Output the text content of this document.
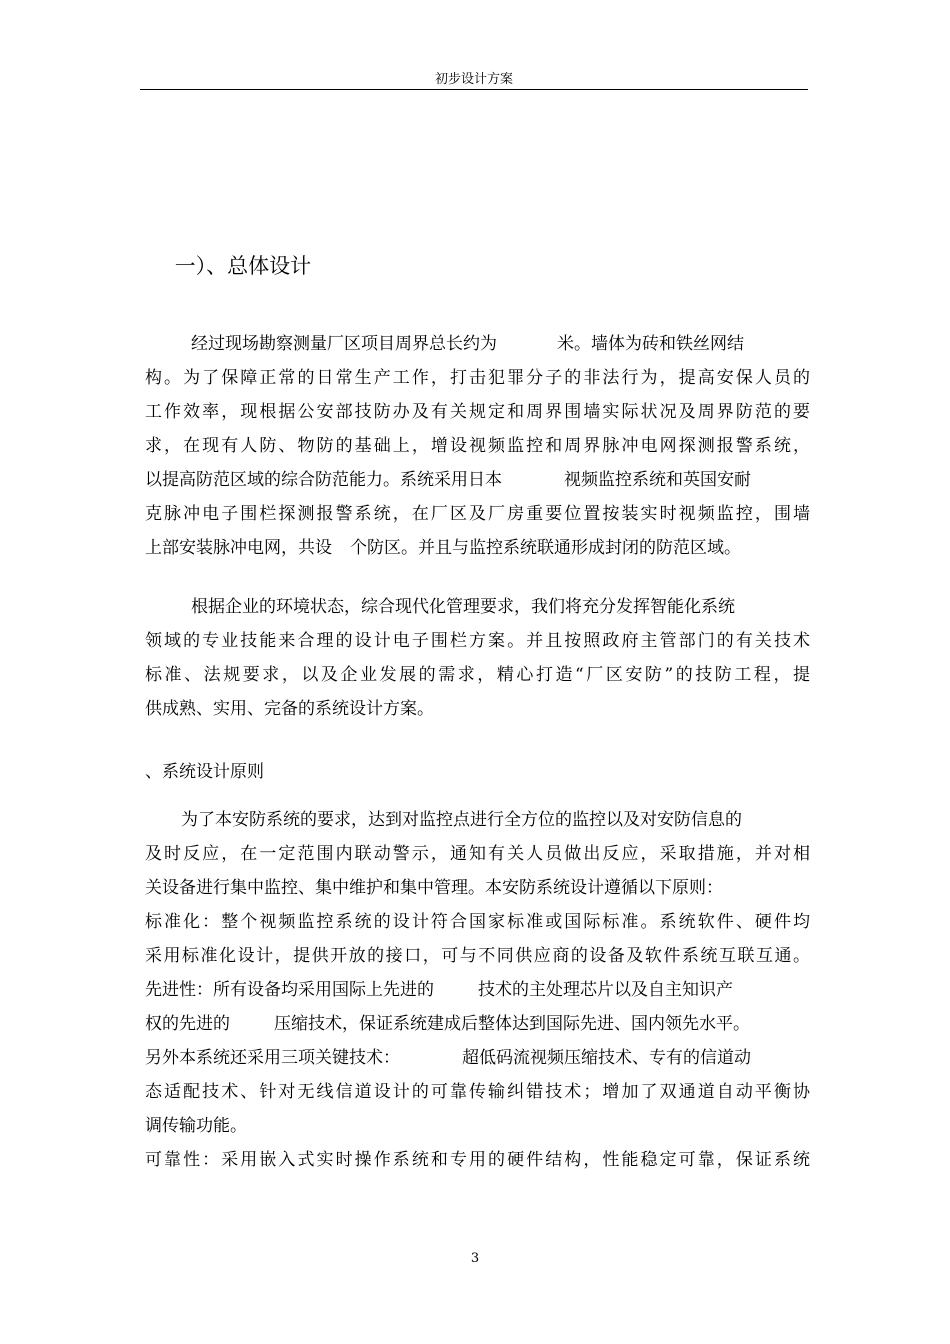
初步设计方案
一）、总体设计
经过现场勘察测量厂区项目周界总长约为	米。墙体为砖和铁丝网结
构。为了保障正常的日常生产工作，打击犯罪分子的非法行为，提高安保人员的
工作效率，现根据公安部技防办及有关规定和周界围墙实际状况及周界防范的要
求，在现有人防、物防的基础上，增设视频监控和周界脉冲电网探测报警系统，
以提高防范区域的综合防范能力。系统采用日本	视频监控系统和英国安耐
克脉冲电子围栏探测报警系统，在厂区及厂房重要位置按装实时视频监控，围墙
上部安装脉冲电网，共设 个防区。并且与监控系统联通形成封闭的防范区域。
根据企业的环境状态，综合现代化管理要求，我们将充分发挥智能化系统
领域的专业技能来合理的设计电子围栏方案。并且按照政府主管部门的有关技术
标准、法规要求，以及企业发展的需求，精心打造“厂区安防”的技防工程，提
供成熟、实用、完备的系统设计方案。
、系统设计原则
为了本安防系统的要求，达到对监控点进行全方位的监控以及对安防信息的
及时反应，在一定范围内联动警示，通知有关人员做出反应，采取措施，并对相
关设备进行集中监控、集中维护和集中管理。本安防系统设计遵循以下原则：
标准化：整个视频监控系统的设计符合国家标准或国际标准。系统软件、硬件均
采用标准化设计，提供开放的接口，可与不同供应商的设备及软件系统互联互通。
先进性：所有设备均采用国际上先进的	技术的主处理芯片以及自主知识产
权的先进的	压缩技术，保证系统建成后整体达到国际先进、国内领先水平。
另外本系统还采用三项关键技术：	超低码流视频压缩技术、专有的信道动
态适配技术、针对无线信道设计的可靠传输纠错技术；增加了双通道自动平衡协
调传输功能。
可靠性：采用嵌入式实时操作系统和专用的硬件结构，性能稳定可靠，保证系统
3
